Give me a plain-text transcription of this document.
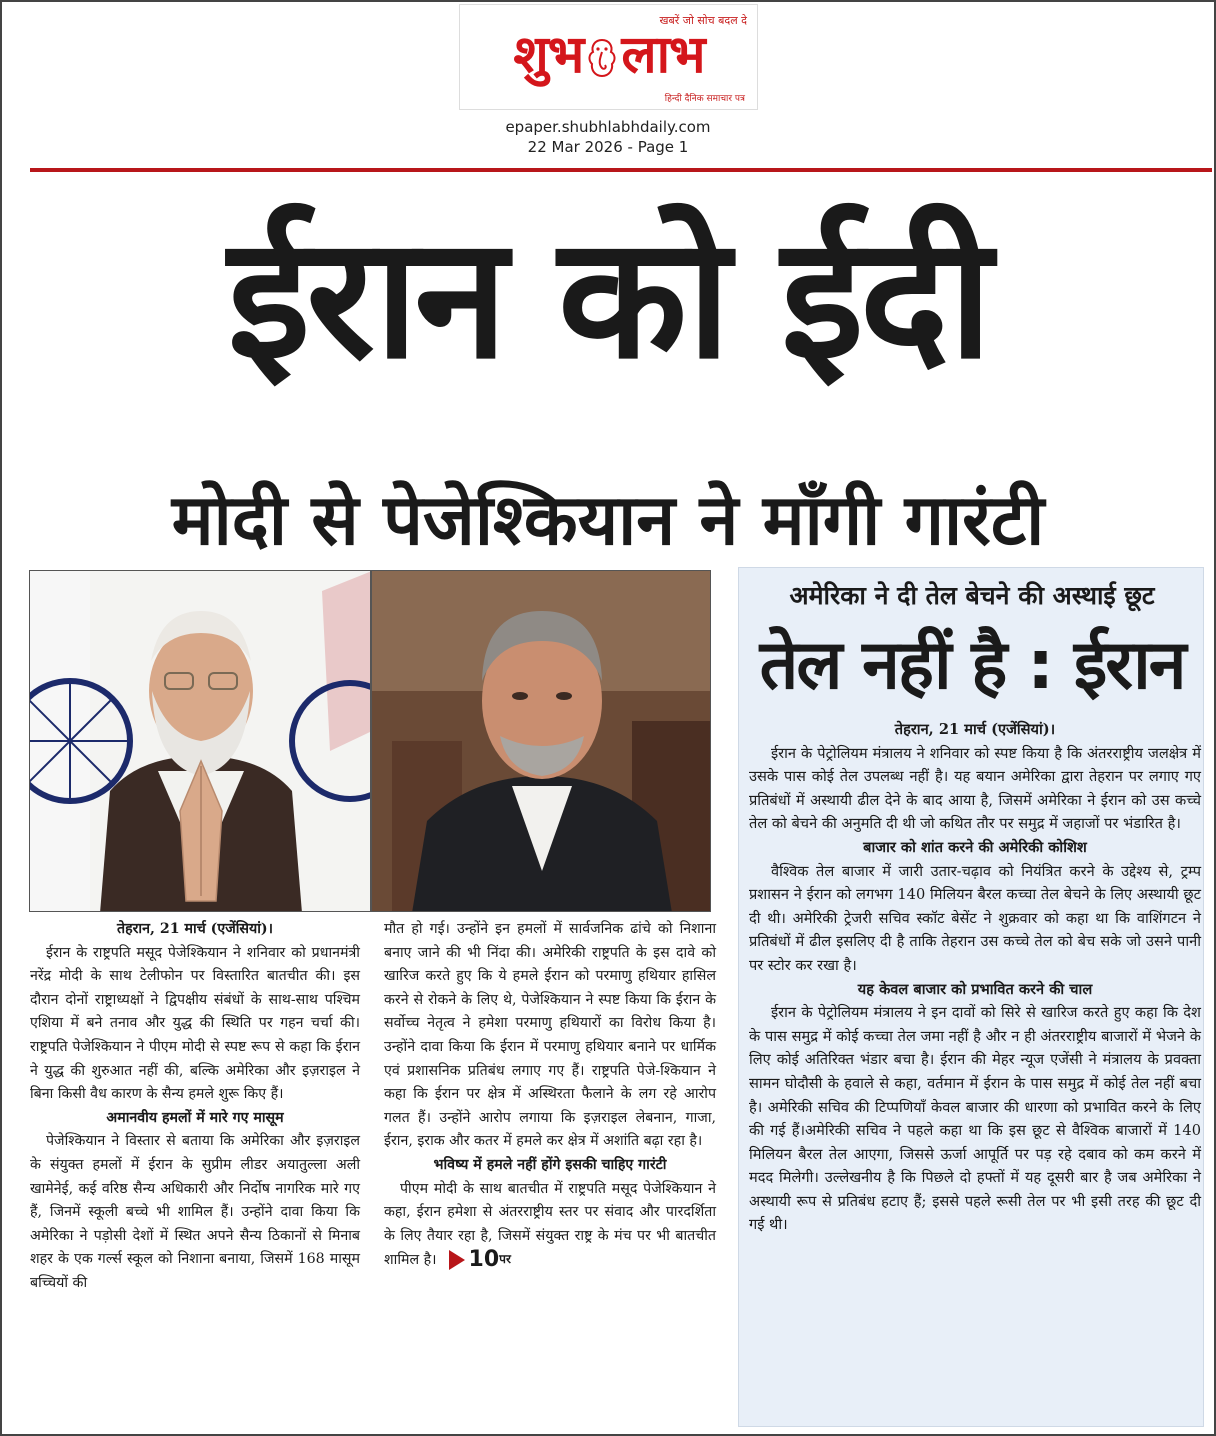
खबरें जो सोच बदल दे
शुभ लाभ
हिन्दी दैनिक समाचार पत्र
epaper.shubhlabhdaily.com
22 Mar 2026 - Page 1
ईरान को ईदी
मोदी से पेजेश्कियान ने माँगी गारंटी

तेहरान, 21 मार्च (एजेंसियां)।

ईरान के राष्ट्रपति मसूद पेजेश्कियान ने शनिवार को प्रधानमंत्री नरेंद्र मोदी के साथ टेलीफोन पर विस्तारित बातचीत की। इस दौरान दोनों राष्ट्राध्यक्षों ने द्विपक्षीय संबंधों के साथ-साथ पश्चिम एशिया में बने तनाव और युद्ध की स्थिति पर गहन चर्चा की। राष्ट्रपति पेजेश्कियान ने पीएम मोदी से स्पष्ट रूप से कहा कि ईरान ने युद्ध की शुरुआत नहीं की, बल्कि अमेरिका और इज़राइल ने बिना किसी वैध कारण के सैन्य हमले शुरू किए हैं।

अमानवीय हमलों में मारे गए मासूम

पेजेश्कियान ने विस्तार से बताया कि अमेरिका और इज़राइल के संयुक्त हमलों में ईरान के सुप्रीम लीडर अयातुल्ला अली खामेनेई, कई वरिष्ठ सैन्य अधिकारी और निर्दोष नागरिक मारे गए हैं, जिनमें स्कूली बच्चे भी शामिल हैं। उन्होंने दावा किया कि अमेरिका ने पड़ोसी देशों में स्थित अपने सैन्य ठिकानों से मिनाब शहर के एक गर्ल्स स्कूल को निशाना बनाया, जिसमें 168 मासूम बच्चियों की

मौत हो गई। उन्होंने इन हमलों में सार्वजनिक ढांचे को निशाना बनाए जाने की भी निंदा की। अमेरिकी राष्ट्रपति के इस दावे को खारिज करते हुए कि ये हमले ईरान को परमाणु हथियार हासिल करने से रोकने के लिए थे, पेजेश्कियान ने स्पष्ट किया कि ईरान के सर्वोच्च नेतृत्व ने हमेशा परमाणु हथियारों का विरोध किया है। उन्होंने दावा किया कि ईरान में परमाणु हथियार बनाने पर धार्मिक एवं प्रशासनिक प्रतिबंध लगाए गए हैं। राष्ट्रपति पेजे-श्कियान ने कहा कि ईरान पर क्षेत्र में अस्थिरता फैलाने के लग रहे आरोप गलत हैं। उन्होंने आरोप लगाया कि इज़राइल लेबनान, गाजा, ईरान, इराक और कतर में हमले कर क्षेत्र में अशांति बढ़ा रहा है।

भविष्य में हमले नहीं होंगे इसकी चाहिए गारंटी

पीएम मोदी के साथ बातचीत में राष्ट्रपति मसूद पेजेश्कियान ने कहा, ईरान हमेशा से अंतरराष्ट्रीय स्तर पर संवाद और पारदर्शिता के लिए तैयार रहा है, जिसमें संयुक्त राष्ट्र के मंच पर भी बातचीत शामिल है। 10पर

अमेरिका ने दी तेल बेचने की अस्थाई छूट
तेल नहीं है : ईरान

तेहरान, 21 मार्च (एजेंसियां)।

ईरान के पेट्रोलियम मंत्रालय ने शनिवार को स्पष्ट किया है कि अंतरराष्ट्रीय जलक्षेत्र में उसके पास कोई तेल उपलब्ध नहीं है। यह बयान अमेरिका द्वारा तेहरान पर लगाए गए प्रतिबंधों में अस्थायी ढील देने के बाद आया है, जिसमें अमेरिका ने ईरान को उस कच्चे तेल को बेचने की अनुमति दी थी जो कथित तौर पर समुद्र में जहाजों पर भंडारित है।

बाजार को शांत करने की अमेरिकी कोशिश

वैश्विक तेल बाजार में जारी उतार-चढ़ाव को नियंत्रित करने के उद्देश्य से, ट्रम्प प्रशासन ने ईरान को लगभग 140 मिलियन बैरल कच्चा तेल बेचने के लिए अस्थायी छूट दी थी। अमेरिकी ट्रेजरी सचिव स्कॉट बेसेंट ने शुक्रवार को कहा था कि वाशिंगटन ने प्रतिबंधों में ढील इसलिए दी है ताकि तेहरान उस कच्चे तेल को बेच सके जो उसने पानी पर स्टोर कर रखा है।

यह केवल बाजार को प्रभावित करने की चाल

ईरान के पेट्रोलियम मंत्रालय ने इन दावों को सिरे से खारिज करते हुए कहा कि देश के पास समुद्र में कोई कच्चा तेल जमा नहीं है और न ही अंतरराष्ट्रीय बाजारों में भेजने के लिए कोई अतिरिक्त भंडार बचा है। ईरान की मेहर न्यूज एजेंसी ने मंत्रालय के प्रवक्ता सामन घोदौसी के हवाले से कहा, वर्तमान में ईरान के पास समुद्र में कोई तेल नहीं बचा है। अमेरिकी सचिव की टिप्पणियाँ केवल बाजार की धारणा को प्रभावित करने के लिए की गई हैं।अमेरिकी सचिव ने पहले कहा था कि इस छूट से वैश्विक बाजारों में 140 मिलियन बैरल तेल आएगा, जिससे ऊर्जा आपूर्ति पर पड़ रहे दबाव को कम करने में मदद मिलेगी। उल्लेखनीय है कि पिछले दो हफ्तों में यह दूसरी बार है जब अमेरिका ने अस्थायी रूप से प्रतिबंध हटाए हैं; इससे पहले रूसी तेल पर भी इसी तरह की छूट दी गई थी।
